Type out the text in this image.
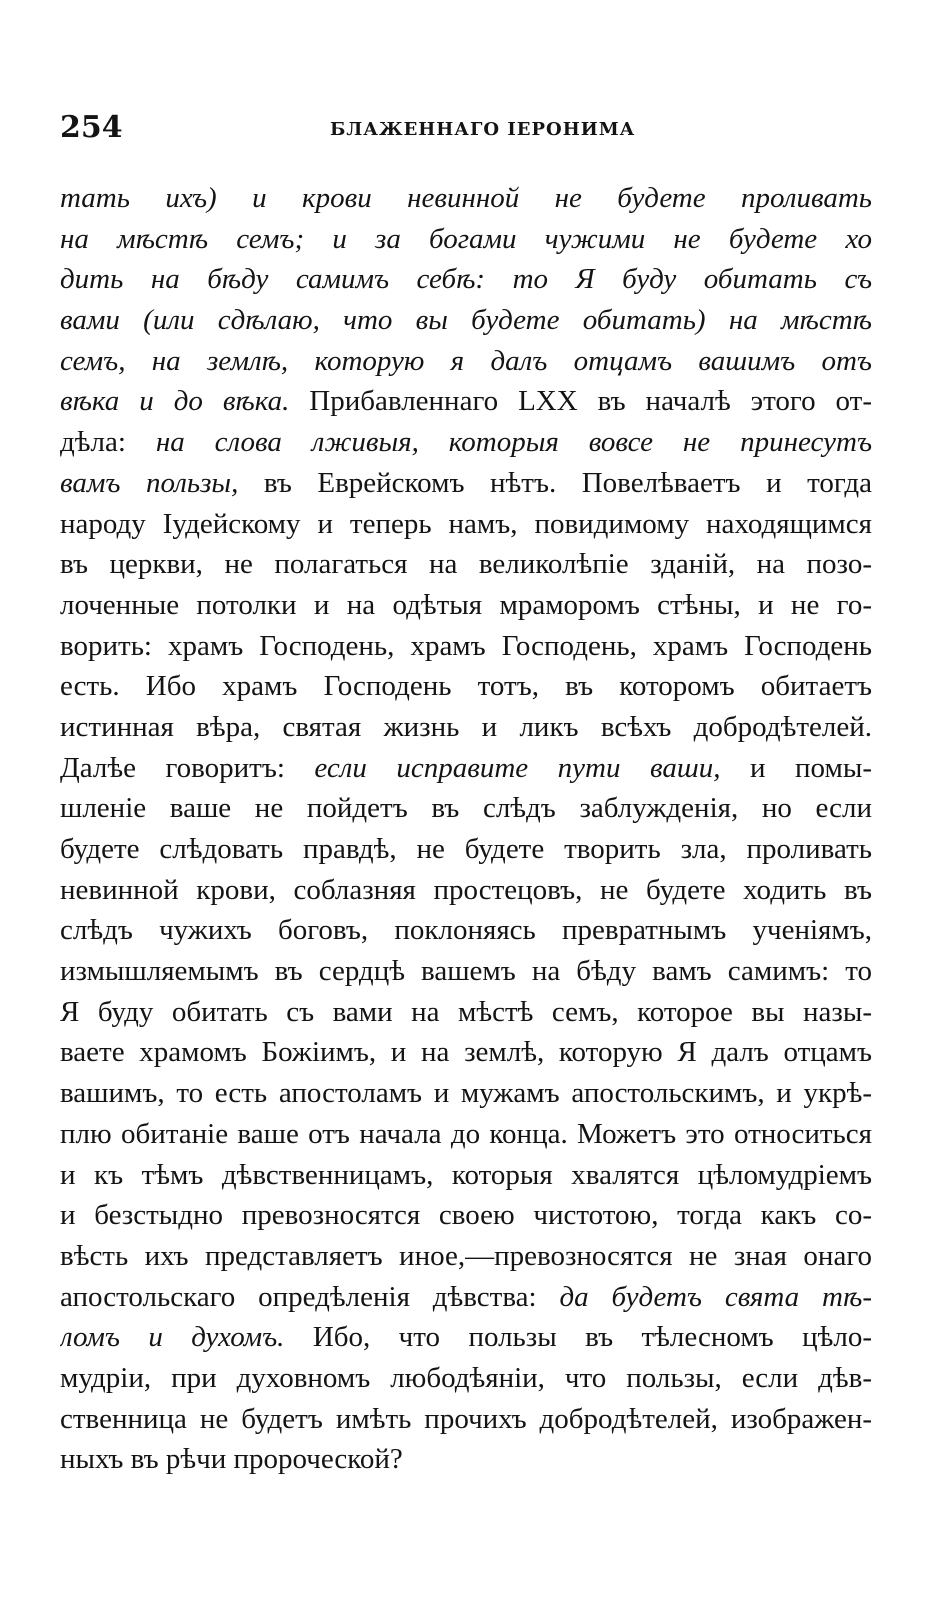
254	БЛАЖЕННАГО ІЕРОНИМА
тать ихъ) и крови невинной не будете проливать
на мѣстѣ семъ; и за богами чужими не будете хо
дить на бѣду самимъ себѣ: то Я буду обитать съ
вами (или сдѣлаю, что вы будете обитать) на мѣстѣ
семъ, на землѣ, которую я далъ отцамъ вашимъ отъ
вѣка и до вѣка. Прибавленнаго LXX въ началѣ этого от-
дѣла: на слова лживыя, которыя вовсе не принесутъ
вамъ пользы, въ Еврейскомъ нѣтъ. Повелѣваетъ и тогда
народу Іудейскому и теперь намъ, повидимому находящимся
въ церкви, не полагаться на великолѣпіе зданій, на позо-
лоченные потолки и на одѣтыя мраморомъ стѣны, и не го-
ворить: храмъ Господень, храмъ Господень, храмъ Господень
есть. Ибо храмъ Господень тотъ, въ которомъ обитаетъ
истинная вѣра, святая жизнь и ликъ всѣхъ добродѣтелей.
Далѣе говоритъ: если исправите пути ваши, и помы-
шленіе ваше не пойдетъ въ слѣдъ заблужденія, но если
будете слѣдовать правдѣ, не будете творить зла, проливать
невинной крови, соблазняя простецовъ, не будете ходить въ
слѣдъ чужихъ боговъ, поклоняясь превратнымъ ученіямъ,
измышляемымъ въ сердцѣ вашемъ на бѣду вамъ самимъ: то
Я буду обитать съ вами на мѣстѣ семъ, которое вы назы-
ваете храмомъ Божіимъ, и на землѣ, которую Я далъ отцамъ
вашимъ, то есть апостоламъ и мужамъ апостольскимъ, и укрѣ-
плю обитаніе ваше отъ начала до конца. Можетъ это относиться
и къ тѣмъ дѣвственницамъ, которыя хвалятся цѣломудріемъ
и безстыдно превозносятся своею чистотою, тогда какъ со-
вѣсть ихъ представляетъ иное,—превозносятся не зная онаго
апостольскаго опредѣленія дѣвства: да будетъ свята тѣ-
ломъ и духомъ. Ибо, что пользы въ тѣлесномъ цѣло-
мудріи, при духовномъ любодѣяніи, что пользы, если дѣв-
ственница не будетъ имѣть прочихъ добродѣтелей, изображен-
ныхъ въ рѣчи пророческой?
